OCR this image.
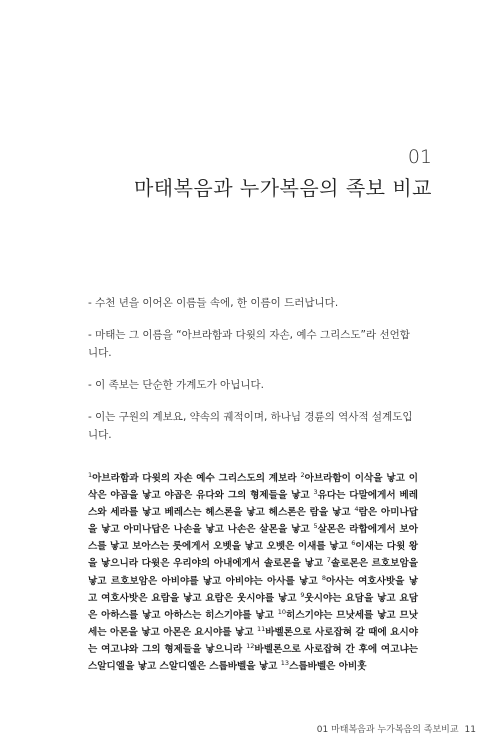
01
마태복음과 누가복음의 족보 비교

- 수천 년을 이어온 이름들 속에, 한 이름이 드러납니다.

- 마태는 그 이름을 “아브라함과 다윗의 자손, 예수 그리스도”라 선언합니다.

- 이 족보는 단순한 가계도가 아닙니다.

- 이는 구원의 계보요, 약속의 궤적이며, 하나님 경륜의 역사적 설계도입니다.

$^1$아브라함과 다윗의 자손 예수 그리스도의 계보라 $^2$아브라함이 이삭을 낳고 이삭은 야곱을 낳고 야곱은 유다와 그의 형제들을 낳고 $^3$유다는 다말에게서 베레스와 세라를 낳고 베레스는 헤스론을 낳고 헤스론은 람을 낳고 $^4$람은 아미나답을 낳고 아미나답은 나손을 낳고 나손은 살몬을 낳고 $^5$살몬은 라합에게서 보아스를 낳고 보아스는 룻에게서 오벳을 낳고 오벳은 이새를 낳고 $^6$이새는 다윗 왕을 낳으니라 다윗은 우리야의 아내에게서 솔로몬을 낳고 $^7$솔로몬은 르호보암을 낳고 르호보암은 아비야를 낳고 아비야는 아사를 낳고 $^8$아사는 여호사밧을 낳고 여호사밧은 요람을 낳고 요람은 웃시야를 낳고 $^9$웃시야는 요담을 낳고 요담은 아하스를 낳고 아하스는 히스기야를 낳고 $^{10}$히스기야는 므낫세를 낳고 므낫세는 아몬을 낳고 아몬은 요시야를 낳고 $^{11}$바벨론으로 사로잡혀 갈 때에 요시야는 여고냐와 그의 형제들을 낳으니라 $^{12}$바벨론으로 사로잡혀 간 후에 여고냐는 스알디엘을 낳고 스알디엘은 스룹바벨을 낳고 $^{13}$스룹바벨은 아비훗

01 마태복음과 누가복음의 족보비교 11
